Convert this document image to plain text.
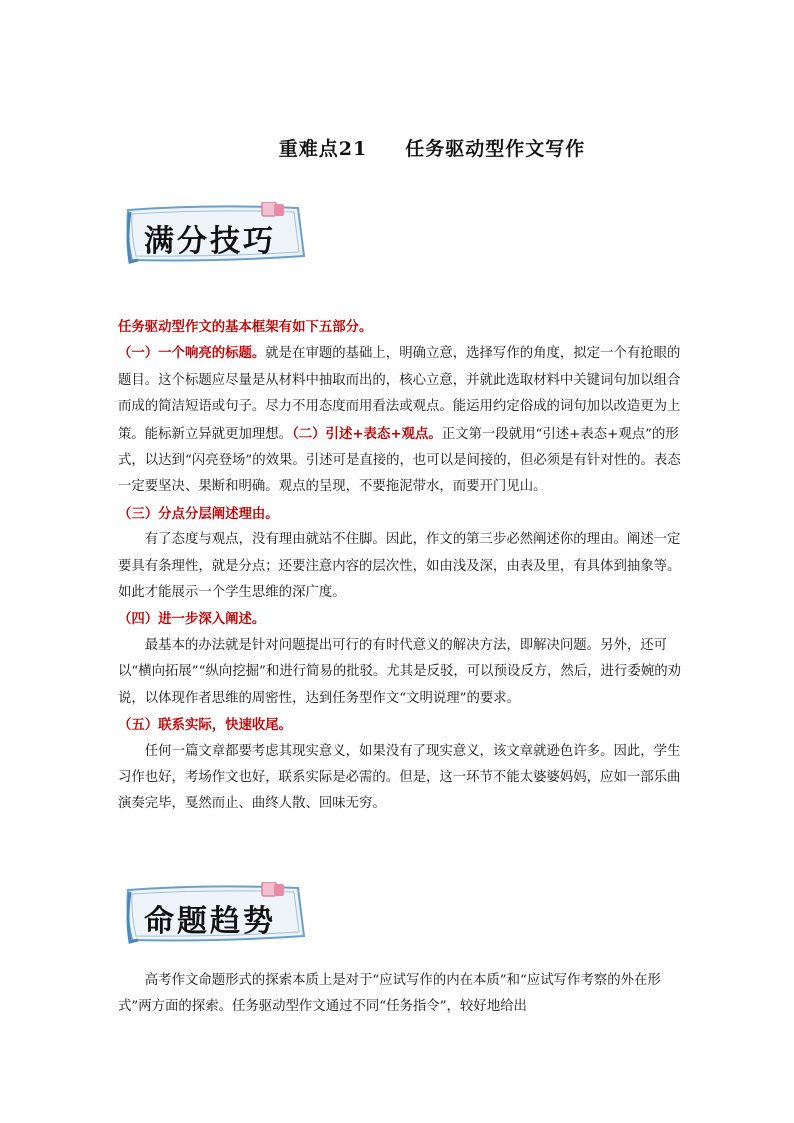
重难点21 任务驱动型作文写作
满分技巧

任务驱动型作文的基本框架有如下五部分。

（一）一个响亮的标题。就是在审题的基础上，明确立意，选择写作的角度，拟定一个有抢眼的题目。这个标题应尽量是从材料中抽取而出的，核心立意，并就此选取材料中关键词句加以组合而成的简洁短语或句子。尽力不用态度而用看法或观点。能运用约定俗成的词句加以改造更为上策。能标新立异就更加理想。（二）引述+表态+观点。正文第一段就用“引述+表态+观点”的形式，以达到“闪亮登场”的效果。引述可是直接的，也可以是间接的，但必须是有针对性的。表态一定要坚决、果断和明确。观点的呈现，不要拖泥带水，而要开门见山。

（三）分点分层阐述理由。

有了态度与观点，没有理由就站不住脚。因此，作文的第三步必然阐述你的理由。阐述一定要具有条理性，就是分点；还要注意内容的层次性，如由浅及深，由表及里，有具体到抽象等。如此才能展示一个学生思维的深广度。

（四）进一步深入阐述。

最基本的办法就是针对问题提出可行的有时代意义的解决方法，即解决问题。另外，还可以“横向拓展”“纵向挖掘”和进行简易的批驳。尤其是反驳，可以预设反方，然后，进行委婉的劝说，以体现作者思维的周密性，达到任务型作文“文明说理”的要求。

（五）联系实际，快速收尾。

任何一篇文章都要考虑其现实意义，如果没有了现实意义，该文章就逊色许多。因此，学生习作也好，考场作文也好，联系实际是必需的。但是，这一环节不能太婆婆妈妈，应如一部乐曲演奏完毕，戛然而止、曲终人散、回味无穷。

命题趋势

高考作文命题形式的探索本质上是对于“应试写作的内在本质”和“应试写作考察的外在形式”两方面的探索。任务驱动型作文通过不同“任务指令”，较好地给出
